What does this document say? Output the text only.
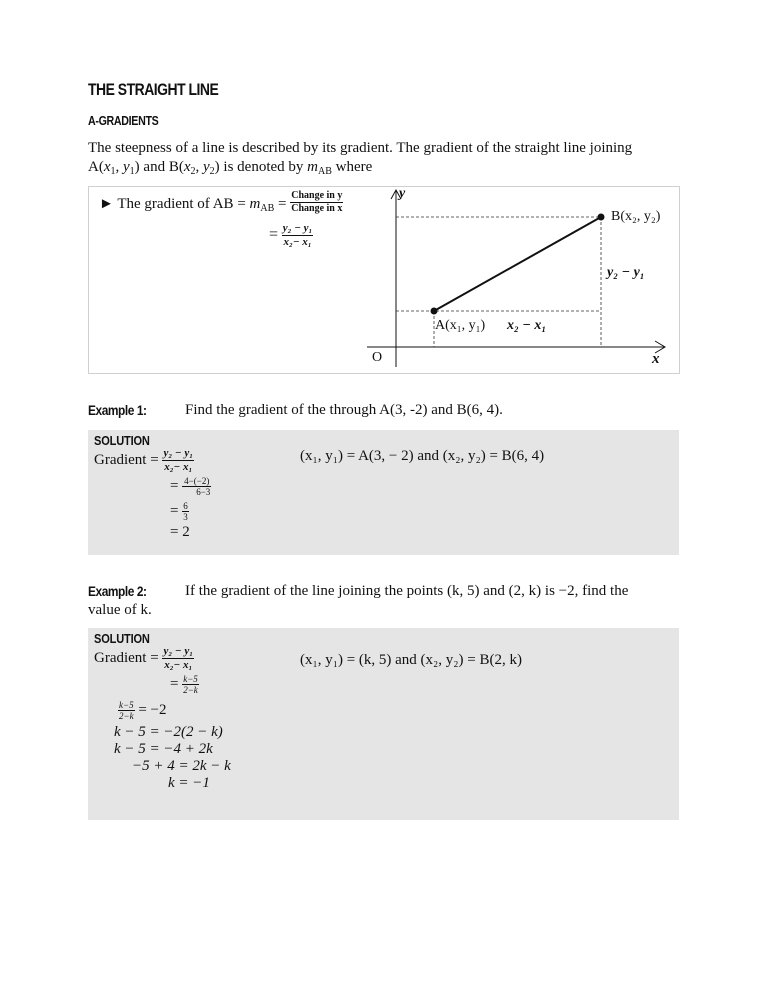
THE STRAIGHT LINE
A-GRADIENTS
The steepness of a line is described by its gradient. The gradient of the straight line joining
$A(x_1$, $y_1$) and $B(x_2$, $y_2$) is denoted by $m_{AB}$ where
► The gradient of AB = $m_{AB} = \frac{\text{Change in y}}{\text{Change in x}}$
= $\frac{\text{y₂ − y₁}}{\text{x₂− x₁}}$
y
x
O
B(x₂, y₂)
A(x₁, y₁)
y₂ − y₁
x₂ − x₁
Example 1:	Find the gradient of the through A(3, -2) and B(6, 4).
SOLUTION
Gradient = $\frac{\text{y₂ − y₁}}{\text{x₂− x₁}}$
= $\frac{4-(-2)}{6-3}$
= $\frac{6}{3}$
= 2
(x₁, y₁) = A(3, − 2) and (x₂, y₂) = B(6, 4)
Example 2:	If the gradient of the line joining the points (k, 5) and (2, k) is −2, find the
value of k.
SOLUTION
Gradient = $\frac{\text{y₂ − y₁}}{\text{x₂− x₁}}$
= $\frac{k-5}{2-k}$
$\frac{k-5}{2-k} = -2$
k − 5 = −2(2 − k)
k − 5 = −4 + 2k
−5 + 4 = 2k − k
k = −1
(x₁, y₁) = (k, 5) and (x₂, y₂) = B(2, k)
